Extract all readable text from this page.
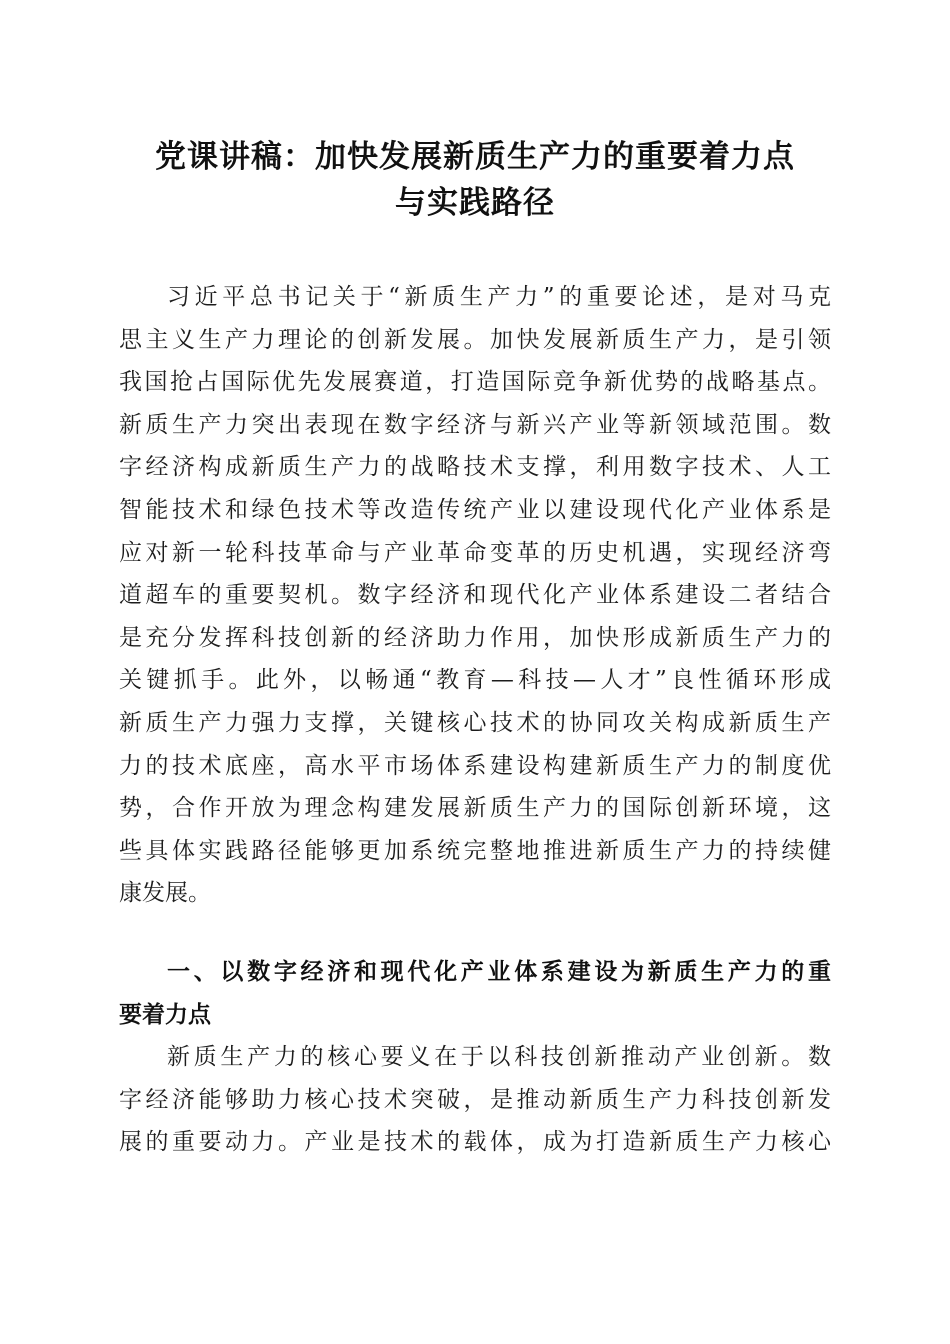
党课讲稿：加快发展新质生产力的重要着力点
与实践路径
习近平总书记关于“新质生产力”的重要论述，是对马克
思主义生产力理论的创新发展。加快发展新质生产力，是引领
我国抢占国际优先发展赛道，打造国际竞争新优势的战略基点。
新质生产力突出表现在数字经济与新兴产业等新领域范围。数
字经济构成新质生产力的战略技术支撑，利用数字技术、人工
智能技术和绿色技术等改造传统产业以建设现代化产业体系是
应对新一轮科技革命与产业革命变革的历史机遇，实现经济弯
道超车的重要契机。数字经济和现代化产业体系建设二者结合
是充分发挥科技创新的经济助力作用，加快形成新质生产力的
关键抓手。此外，以畅通“教育—科技—人才”良性循环形成
新质生产力强力支撑，关键核心技术的协同攻关构成新质生产
力的技术底座，高水平市场体系建设构建新质生产力的制度优
势，合作开放为理念构建发展新质生产力的国际创新环境，这
些具体实践路径能够更加系统完整地推进新质生产力的持续健
康发展。
一、以数字经济和现代化产业体系建设为新质生产力的重
要着力点
新质生产力的核心要义在于以科技创新推动产业创新。数
字经济能够助力核心技术突破，是推动新质生产力科技创新发
展的重要动力。产业是技术的载体，成为打造新质生产力核心
